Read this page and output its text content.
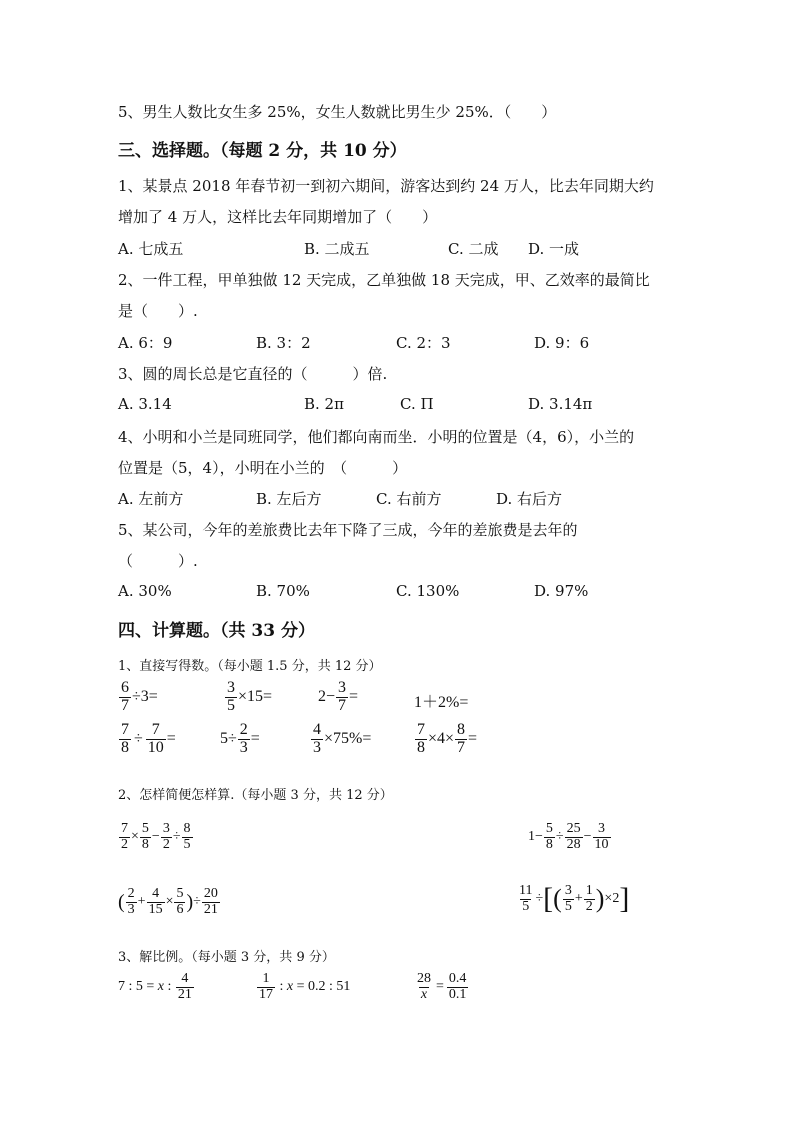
5、男生人数比女生多 25%，女生人数就比男生少 25%．（　　）
三、选择题。（每题 2 分，共 10 分）
1、某景点 2018 年春节初一到初六期间，游客达到约 24 万人，比去年同期大约
增加了 4 万人，这样比去年同期增加了（　　）
A. 七成五	B. 二成五	C. 二成 D. 一成
2、一件工程，甲单独做 12 天完成，乙单独做 18 天完成，甲、乙效率的最简比
是（　　）.
A. 6：9	B. 3：2	C. 2：3	D. 9：6
3、圆的周长总是它直径的（　　　）倍.
A. 3.14	B. 2π	C. Π	D. 3.14π
4、小明和小兰是同班同学，他们都向南而坐．小明的位置是（4，6），小兰的
位置是（5，4），小明在小兰的　（　　　）
A. 左前方	B. 左后方	C. 右前方	D. 右后方
5、某公司，今年的差旅费比去年下降了三成，今年的差旅费是去年的
（　　　）.
A. 30%	B. 70%	C. 130%	D. 97%
四、计算题。（共 33 分）
1、直接写得数。（每小题 1.5 分，共 12 分）
$\frac{6}{7} \div 3=$	$\frac{3}{5} \times 15=$	$2- \frac{3}{7}$ =	1＋2%=
$\frac{7}{8} \div \frac{7}{10}$ =	$5\div \frac{2}{3}$ =	$\frac{4}{3} \times 75\%=$	$\frac{7}{8} \times 4\times \frac{8}{7}$ =
2、怎样简便怎样算.（每小题 3 分，共 12 分）
$\frac{7}{2} \times \frac{5}{8} - \frac{3}{2} \div \frac{8}{5}$	$1- \frac{5}{8} \div \frac{25}{28} - \frac{3}{10}$
( $\frac{2}{3} + \frac{4}{15} \times \frac{5}{6}$ ) ÷ $\frac{20}{21}$	$\frac{11}{5}$ ÷ [ ( $\frac{3}{5} + \frac{1}{2}$ ) ×2 ]
3、解比例。（每小题 3 分，共 9 分）
7 : 5 = x : $\frac{4}{21}$	$\frac{1}{17}$ : x = 0.2 : 51	$\frac{28}{x} = \frac{0.4}{0.1}$
